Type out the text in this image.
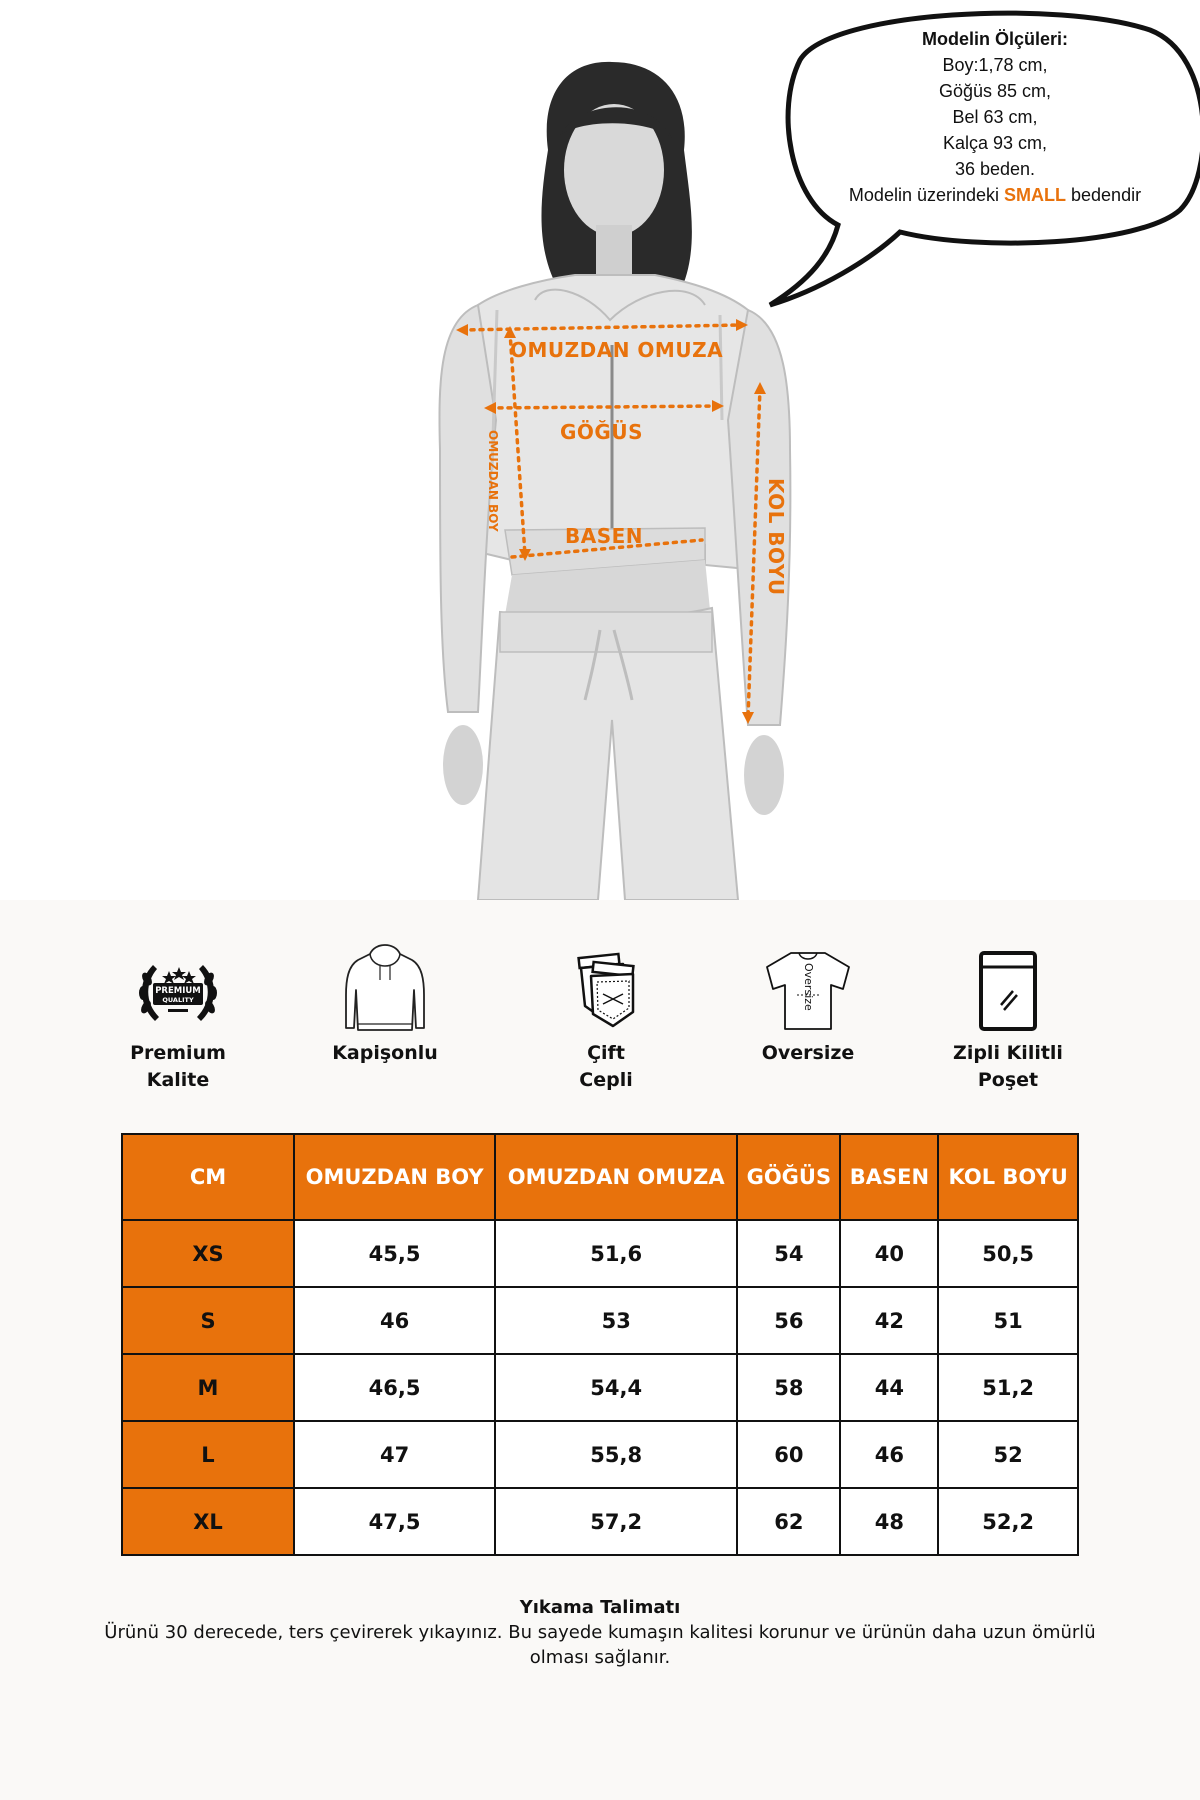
OMUZDAN OMUZA
GÖĞÜS
BASEN
OMUZDAN BOY	KOL BOYU
Modelin Ölçüleri:
Boy:1,78 cm,
Göğüs 85 cm,
Bel 63 cm,
Kalça 93 cm,
36 beden.
Modelin üzerindeki SMALL bedendir
PREMIUM
QUALITY
Premium
Kalite
Kapişonlu	Çift
Cepli
Oversize
Oversize	Zipli Kilitli
Poşet
CM	OMUZDAN BOY	OMUZDAN OMUZA	GÖĞÜS	BASEN	KOL BOYU
XS	45,5	51,6	54	40	50,5
S	46	53	56	42	51
M	46,5	54,4	58	44	51,2
L	47	55,8	60	46	52
XL	47,5	57,2	62	48	52,2
Yıkama Talimatı
Ürünü 30 derecede, ters çevirerek yıkayınız. Bu sayede kumaşın kalitesi korunur ve ürünün daha uzun ömürlü olması sağlanır.
